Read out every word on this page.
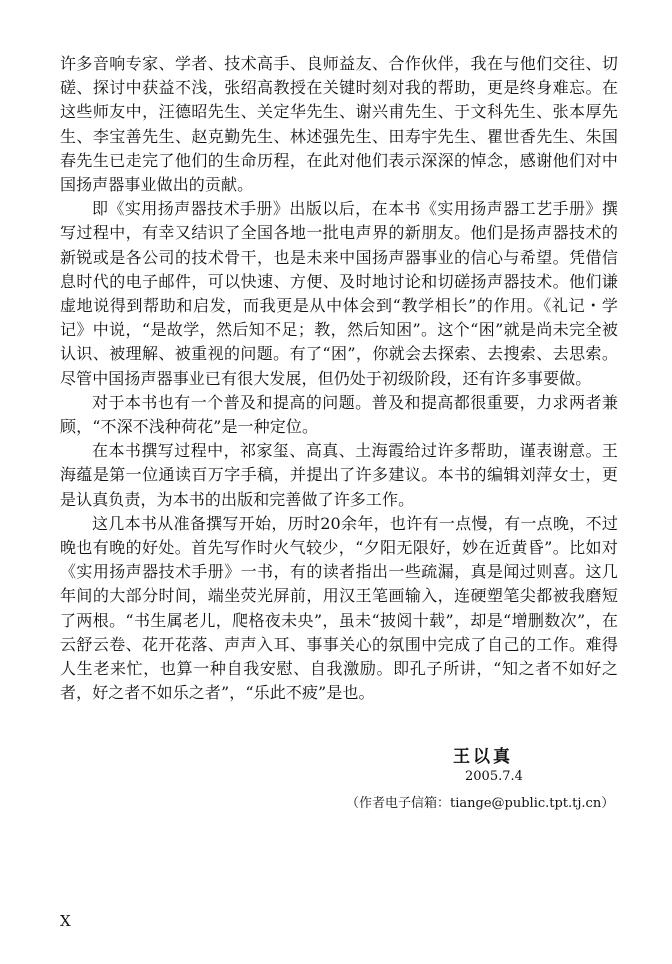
许多音响专家、学者、技术高手、良师益友、合作伙伴，我在与他们交往、切磋、探讨中获益不浅，张绍高教授在关键时刻对我的帮助，更是终身难忘。在这些师友中，汪德昭先生、关定华先生、谢兴甫先生、于文科先生、张本厚先生、李宝善先生、赵克勤先生、林述强先生、田寿宇先生、瞿世香先生、朱国春先生已走完了他们的生命历程，在此对他们表示深深的悼念，感谢他们对中国扬声器事业做出的贡献。

即《实用扬声器技术手册》出版以后，在本书《实用扬声器工艺手册》撰写过程中，有幸又结识了全国各地一批电声界的新朋友。他们是扬声器技术的新锐或是各公司的技术骨干，也是未来中国扬声器事业的信心与希望。凭借信息时代的电子邮件，可以快速、方便、及时地讨论和切磋扬声器技术。他们谦虚地说得到帮助和启发，而我更是从中体会到“教学相长”的作用。《礼记・学记》中说，“是故学，然后知不足；教，然后知困”。这个“困”就是尚未完全被认识、被理解、被重视的问题。有了“困”，你就会去探索、去搜索、去思索。尽管中国扬声器事业已有很大发展，但仍处于初级阶段，还有许多事要做。

对于本书也有一个普及和提高的问题。普及和提高都很重要，力求两者兼顾，“不深不浅种荷花”是一种定位。

在本书撰写过程中，祁家玺、高真、土海霞给过许多帮助，谨表谢意。王海蕴是第一位通读百万字手稿，并提出了许多建议。本书的编辑刘萍女士，更是认真负责，为本书的出版和完善做了许多工作。

这几本书从准备撰写开始，历时20余年，也许有一点慢，有一点晚，不过晚也有晚的好处。首先写作时火气较少，“夕阳无限好，妙在近黄昏”。比如对《实用扬声器技术手册》一书，有的读者指出一些疏漏，真是闻过则喜。这几年间的大部分时间，端坐荧光屏前，用汉王笔画输入，连硬塑笔尖都被我磨短了两根。“书生属老儿，爬格夜未央”，虽未“披阅十载”，却是“增删数次”，在云舒云卷、花开花落、声声入耳、事事关心的氛围中完成了自己的工作。难得人生老来忙，也算一种自我安慰、自我激励。即孔子所讲，“知之者不如好之者，好之者不如乐之者”，“乐此不疲”是也。

王以真
2005.7.4
（作者电子信箱：tiange@public.tpt.tj.cn）
X
